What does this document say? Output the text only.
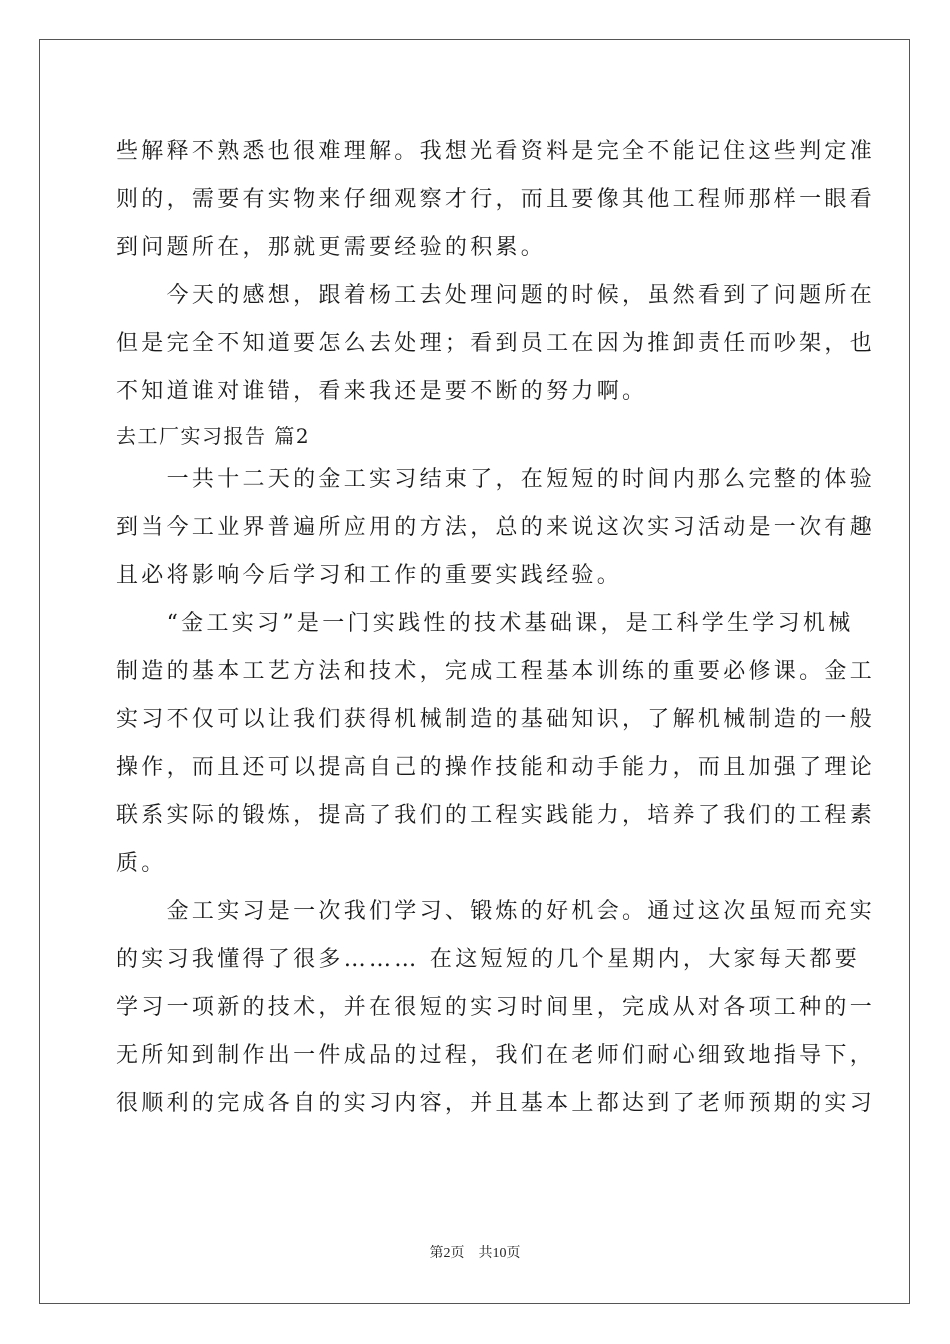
些解释不熟悉也很难理解。我想光看资料是完全不能记住这些判定准
则的，需要有实物来仔细观察才行，而且要像其他工程师那样一眼看
到问题所在，那就更需要经验的积累。
　　今天的感想，跟着杨工去处理问题的时候，虽然看到了问题所在
但是完全不知道要怎么去处理；看到员工在因为推卸责任而吵架，也
不知道谁对谁错，看来我还是要不断的努力啊。
去工厂实习报告 篇2
　　一共十二天的金工实习结束了，在短短的时间内那么完整的体验
到当今工业界普遍所应用的方法，总的来说这次实习活动是一次有趣
且必将影响今后学习和工作的重要实践经验。
　　“金工实习”是一门实践性的技术基础课，是工科学生学习机械
制造的基本工艺方法和技术，完成工程基本训练的重要必修课。金工
实习不仅可以让我们获得机械制造的基础知识，了解机械制造的一般
操作，而且还可以提高自己的操作技能和动手能力，而且加强了理论
联系实际的锻炼，提高了我们的工程实践能力，培养了我们的工程素
质。
　　金工实习是一次我们学习、锻炼的好机会。通过这次虽短而充实
的实习我懂得了很多……… 在这短短的几个星期内，大家每天都要
学习一项新的技术，并在很短的实习时间里，完成从对各项工种的一
无所知到制作出一件成品的过程，我们在老师们耐心细致地指导下，
很顺利的完成各自的实习内容，并且基本上都达到了老师预期的实习
第2页　共10页
